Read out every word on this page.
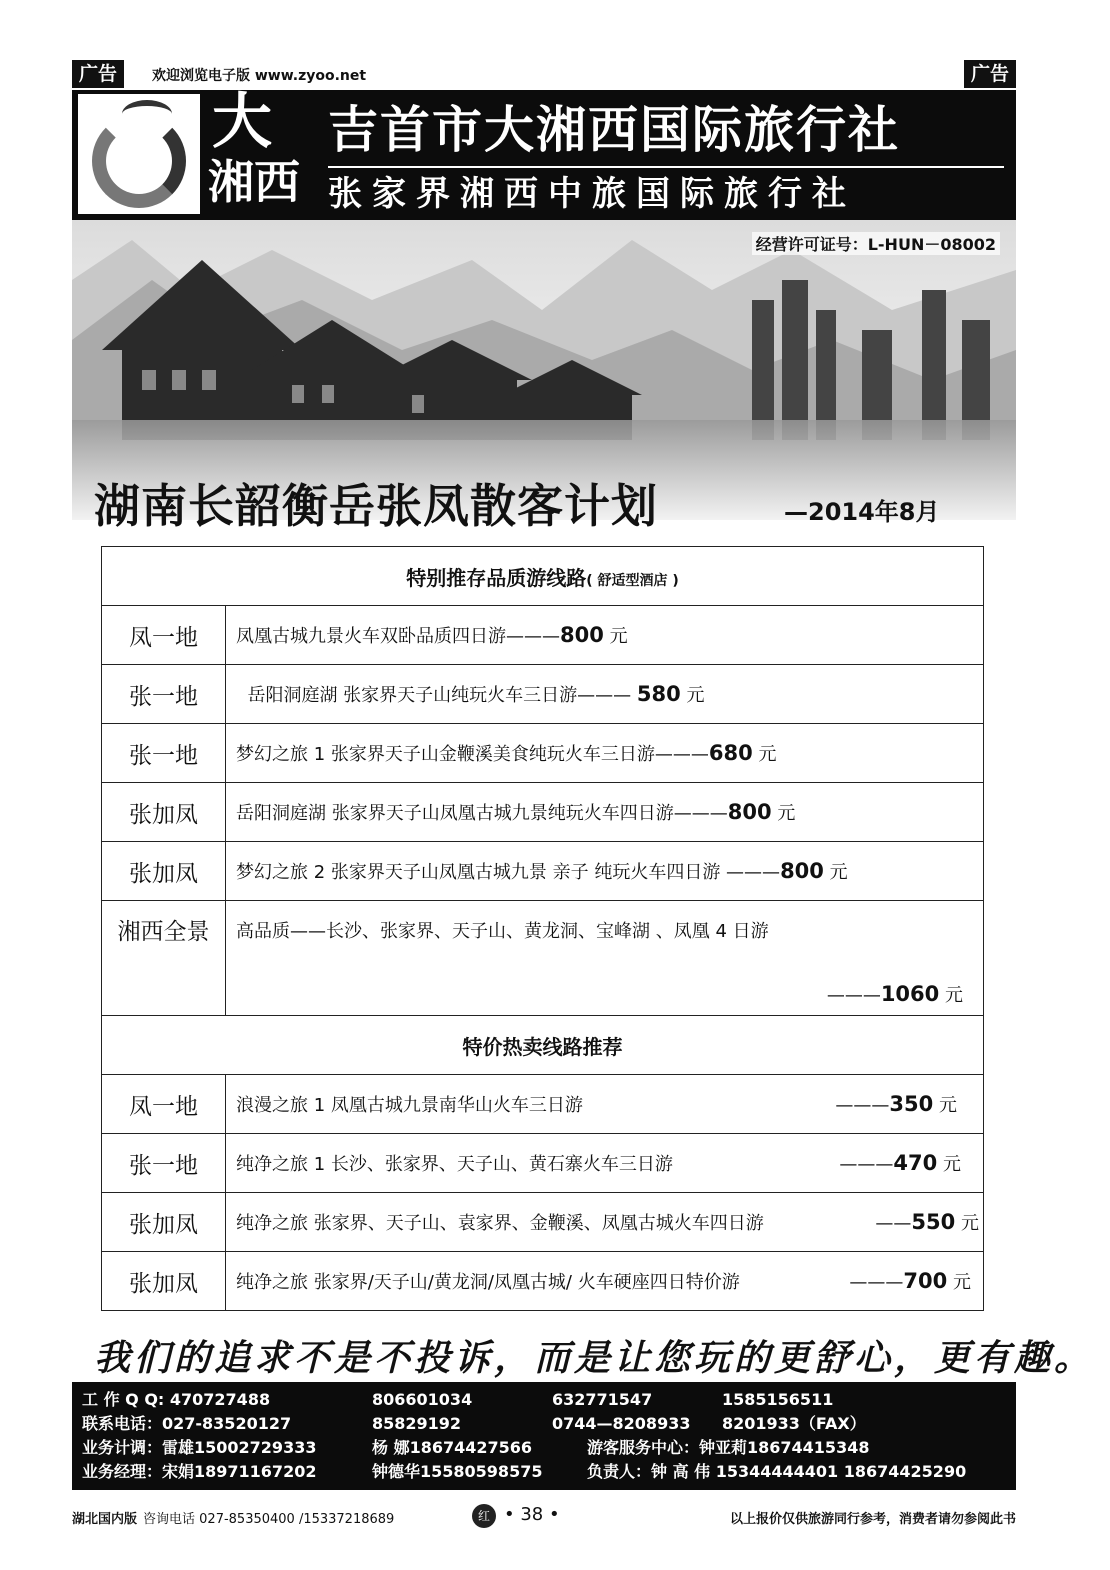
广告	欢迎浏览电子版 www.zyoo.net	广告
大
湘西
吉首市大湘西国际旅行社
张家界湘西中旅国际旅行社
经营许可证号：L-HUN－08002
湖南长韶衡岳张凤散客计划	—2014年8月
特别推存品质游线路( 舒适型酒店 )	
凤一地	凤凰古城九景火车双卧品质四日游———800 元
张一地	岳阳洞庭湖 张家界天子山纯玩火车三日游——— 580 元
张一地	梦幻之旅 1 张家界天子山金鞭溪美食纯玩火车三日游———680 元
张加凤	岳阳洞庭湖 张家界天子山凤凰古城九景纯玩火车四日游———800 元
张加凤	梦幻之旅 2 张家界天子山凤凰古城九景 亲子 纯玩火车四日游 ———800 元
湘西全景	高品质——长沙、张家界、天子山、黄龙洞、宝峰湖 、凤凰 4 日游
———1060 元

特价热卖线路推荐	
凤一地	浪漫之旅 1 凤凰古城九景南华山火车三日游 ———350 元

张一地	纯净之旅 1 长沙、张家界、天子山、黄石寨火车三日游 ———470 元

张加凤	纯净之旅 张家界、天子山、袁家界、金鞭溪、凤凰古城火车四日游 ——550 元

张加凤	纯净之旅 张家界/天子山/黄龙洞/凤凰古城/ 火车硬座四日特价游 ———700 元
我们的追求不是不投诉，而是让您玩的更舒心，更有趣。
工 作 Q Q: 470727488	806601034	632771547	1585156511
联系电话：027-83520127	85829192	0744—8208933	8201933（FAX）
业务计调：雷雄15002729333	杨 娜18674427566	游客服务中心：钟亚莉18674415348
业务经理：宋娟18971167202	钟德华15580598575	负责人：钟 高 伟 15344444401 18674425290
湖北国内版 咨询电话 027-85350400 /15337218689	红 • 38 •	以上报价仅供旅游同行参考，消费者请勿参阅此书
